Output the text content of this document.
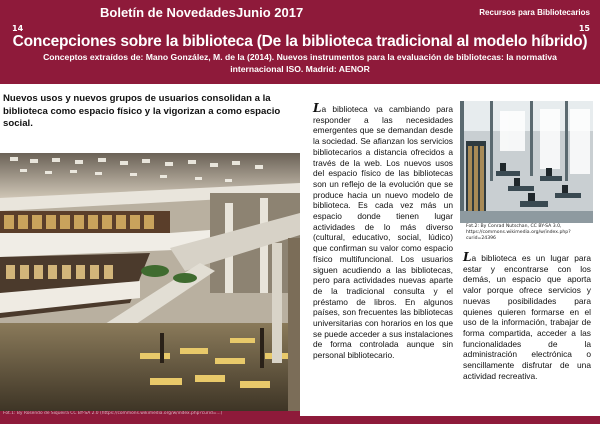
Boletín de Novedades Junio 2017	Recursos para Bibliotecarios
14	15
Concepciones sobre la biblioteca (De la biblioteca tradicional al modelo híbrido)
Conceptos extraídos de: Mano González, M. de la (2014). Nuevos instrumentos para la evaluación de bibliotecas: la normativa internacional ISO. Madrid: AENOR
Nuevos usos y nuevos grupos de usuarios consolidan a la biblioteca como espacio físico y la vigorizan a como espacio social.
Fot.1: By Rosendo de Siqueira CC BY-SA 2.0 (https://commons.wikimedia.org/w/index.php?curid=...)
La biblioteca va cambiando para responder a las necesidades emergentes que se demandan desde la sociedad. Se afianzan los servicios bibliotecarios a distancia ofrecidos a través de la web. Los nuevos usos del espacio físico de las bibliotecas son un reflejo de la evolución que se produce hacia un nuevo modelo de biblioteca. Es cada vez más un espacio donde tienen lugar actividades de lo más diverso (cultural, educativo, social, lúdico) que confirman su valor como espacio físico multifuncional. Los usuarios siguen acudiendo a las bibliotecas, pero para actividades nuevas aparte de la tradicional consulta y el préstamo de libros. En algunos países, son frecuentes las bibliotecas universitarias con horarios en los que se puede acceder a sus instalaciones de forma controlada aunque sin personal bibliotecario.
Fot.2: By Conrad Nutschan, CC BY-SA 3.0, https://commons.wikimedia.org/w/index.php?curid=24396
La biblioteca es un lugar para estar y encontrarse con los demás, un espacio que aporta valor porque ofrece servicios y nuevas posibilidades para quienes quieren formarse en el uso de la información, trabajar de forma compartida, acceder a las funcionalidades de la administración electrónica o sencillamente disfrutar de una actividad recreativa.
